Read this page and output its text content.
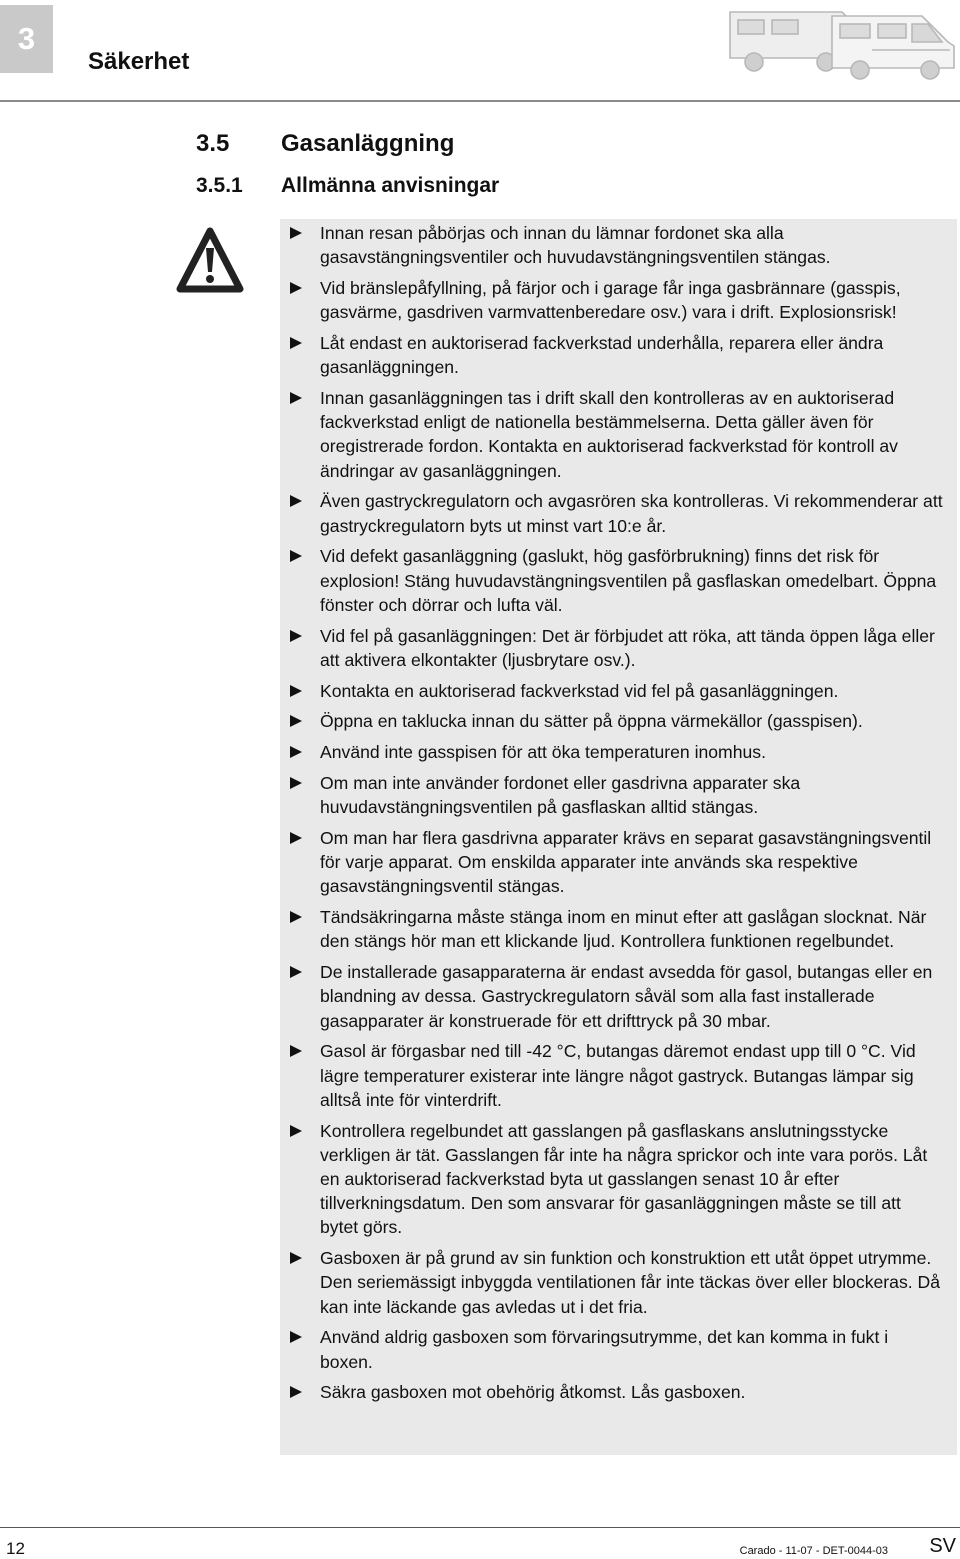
3
Säkerhet
3.5 Gasanläggning
3.5.1 Allmänna anvisningar
Innan resan påbörjas och innan du lämnar fordonet ska alla gasavstängningsventiler och huvudavstängningsventilen stängas.
Vid bränslepåfyllning, på färjor och i garage får inga gasbrännare (gasspis, gasvärme, gasdriven varmvattenberedare osv.) vara i drift. Explosionsrisk!
Låt endast en auktoriserad fackverkstad underhålla, reparera eller ändra gasanläggningen.
Innan gasanläggningen tas i drift skall den kontrolleras av en auktoriserad fackverkstad enligt de nationella bestämmelserna. Detta gäller även för oregistrerade fordon. Kontakta en auktoriserad fackverkstad för kontroll av ändringar av gasanläggningen.
Även gastryckregulatorn och avgasrören ska kontrolleras. Vi rekommenderar att gastryckregulatorn byts ut minst vart 10:e år.
Vid defekt gasanläggning (gaslukt, hög gasförbrukning) finns det risk för explosion! Stäng huvudavstängningsventilen på gasflaskan omedelbart. Öppna fönster och dörrar och lufta väl.
Vid fel på gasanläggningen: Det är förbjudet att röka, att tända öppen låga eller att aktivera elkontakter (ljusbrytare osv.).
Kontakta en auktoriserad fackverkstad vid fel på gasanläggningen.
Öppna en taklucka innan du sätter på öppna värmekällor (gasspisen).
Använd inte gasspisen för att öka temperaturen inomhus.
Om man inte använder fordonet eller gasdrivna apparater ska huvudavstängningsventilen på gasflaskan alltid stängas.
Om man har flera gasdrivna apparater krävs en separat gasavstängningsventil för varje apparat. Om enskilda apparater inte används ska respektive gasavstängningsventil stängas.
Tändsäkringarna måste stänga inom en minut efter att gaslågan slocknat. När den stängs hör man ett klickande ljud. Kontrollera funktionen regelbundet.
De installerade gasapparaterna är endast avsedda för gasol, butangas eller en blandning av dessa. Gastryckregulatorn såväl som alla fast installerade gasapparater är konstruerade för ett drifttryck på 30 mbar.
Gasol är förgasbar ned till -42 °C, butangas däremot endast upp till 0 °C. Vid lägre temperaturer existerar inte längre något gastryck. Butangas lämpar sig alltså inte för vinterdrift.
Kontrollera regelbundet att gasslangen på gasflaskans anslutningsstycke verkligen är tät. Gasslangen får inte ha några sprickor och inte vara porös. Låt en auktoriserad fackverkstad byta ut gasslangen senast 10 år efter tillverkningsdatum. Den som ansvarar för gasanläggningen måste se till att bytet görs.
Gasboxen är på grund av sin funktion och konstruktion ett utåt öppet utrymme. Den seriemässigt inbyggda ventilationen får inte täckas över eller blockeras. Då kan inte läckande gas avledas ut i det fria.
Använd aldrig gasboxen som förvaringsutrymme, det kan komma in fukt i boxen.
Säkra gasboxen mot obehörig åtkomst. Lås gasboxen.
12	Carado - 11-07 - DET-0044-03 SV
